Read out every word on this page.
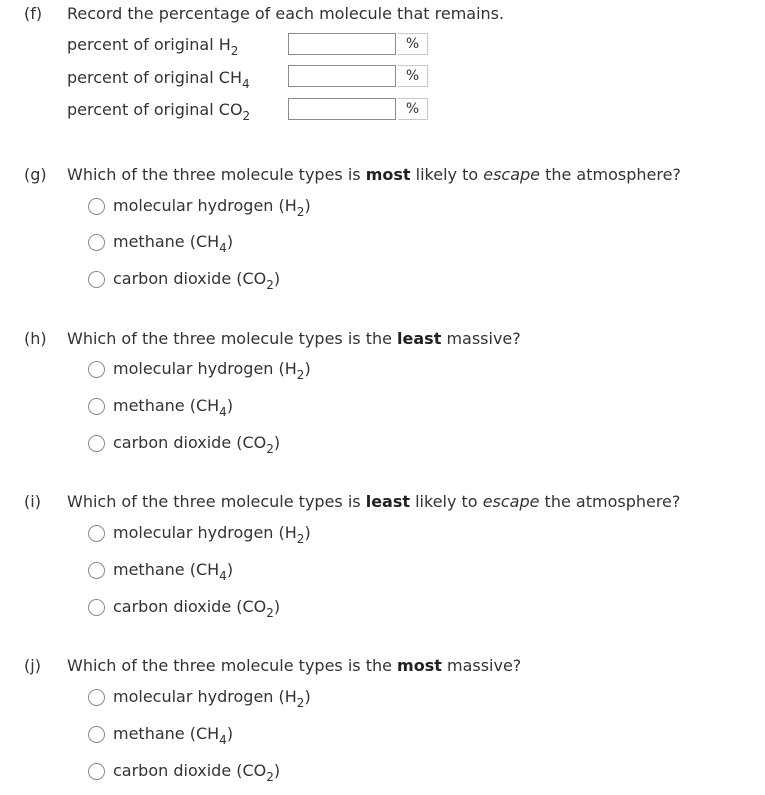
(f) Record the percentage of each molecule that remains.
percent of original $H_2$	%
percent of original $CH_4$	%
percent of original $CO_2$	%
(g) Which of the three molecule types is most likely to escape the atmosphere?
molecular hydrogen $(H_2)$
methane $(CH_4)$
carbon dioxide $(CO_2)$
(h) Which of the three molecule types is the least massive?
molecular hydrogen $(H_2)$
methane $(CH_4)$
carbon dioxide $(CO_2)$
(i) Which of the three molecule types is least likely to escape the atmosphere?
molecular hydrogen $(H_2)$
methane $(CH_4)$
carbon dioxide $(CO_2)$
(j) Which of the three molecule types is the most massive?
molecular hydrogen $(H_2)$
methane $(CH_4)$
carbon dioxide $(CO_2)$
